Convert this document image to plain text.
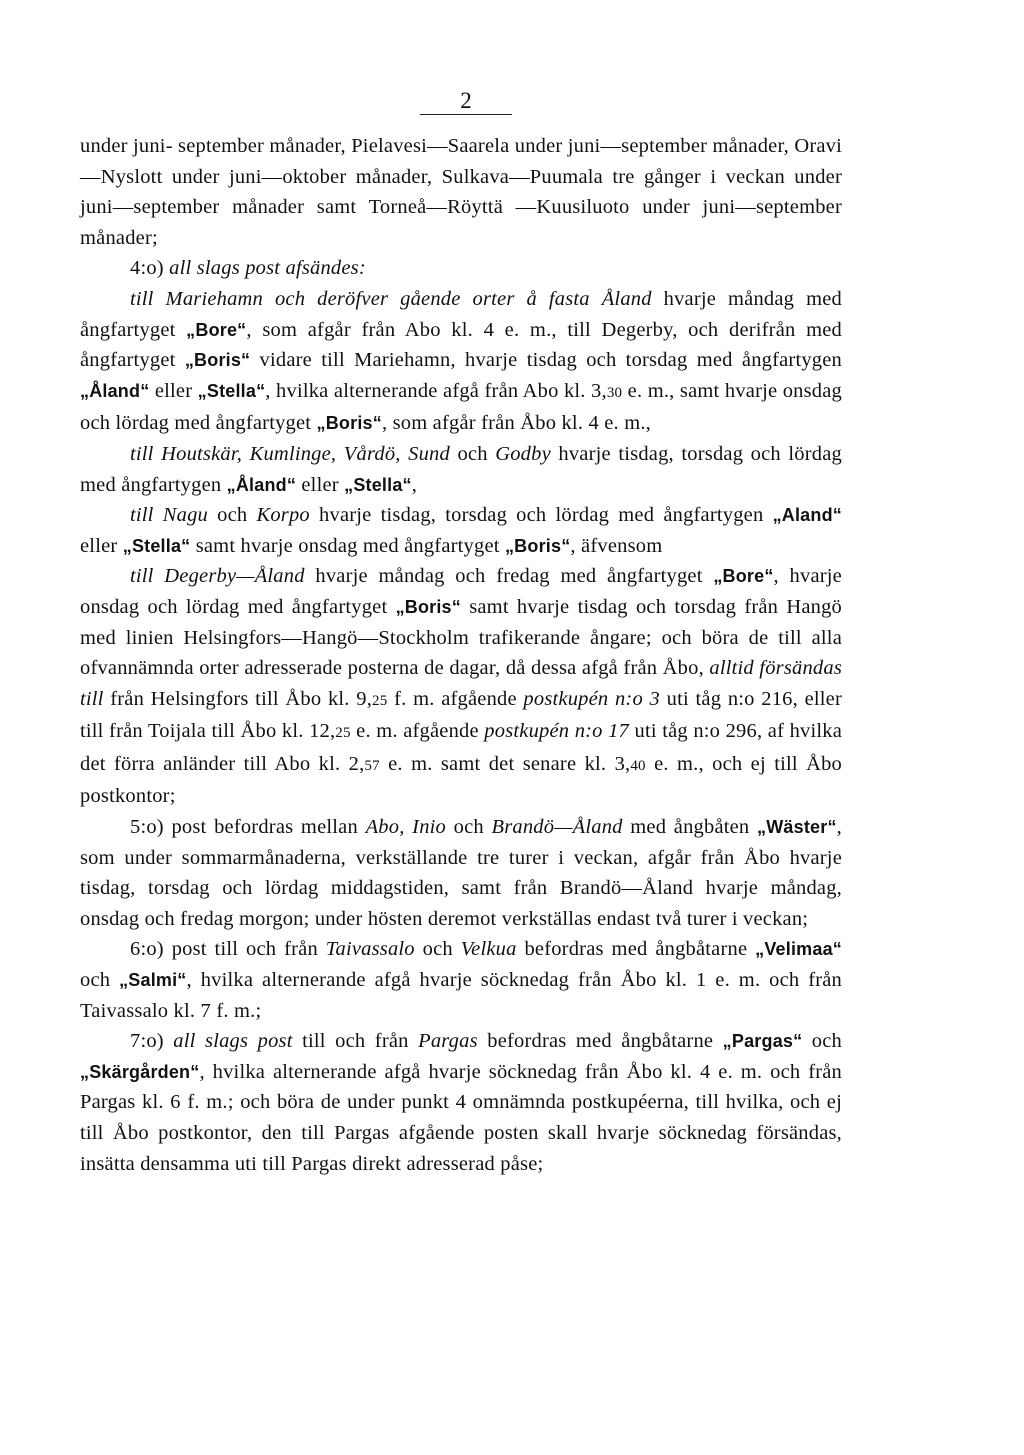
2

under juni- september månader, Pielavesi—Saarela under juni—september månader, Oravi—Nyslott under juni—oktober månader, Sulkava—Puumala tre gånger i veckan under juni—september månader samt Torneå—Röyttä —Kuusiluoto under juni—september månader;

4:o) all slags post afsändes:

till Mariehamn och deröfver gående orter å fasta Åland hvarje måndag med ångfartyget „Bore“, som afgår från Abo kl. 4 e. m., till Degerby, och derifrån med ångfartyget „Boris“ vidare till Mariehamn, hvarje tisdag och torsdag med ångfartygen „Åland“ eller „Stella“, hvilka alternerande afgå från Abo kl. 3,30 e. m., samt hvarje onsdag och lördag med ångfartyget „Boris“, som afgår från Åbo kl. 4 e. m.,

till Houtskär, Kumlinge, Vårdö, Sund och Godby hvarje tisdag, torsdag och lördag med ångfartygen „Åland“ eller „Stella“,

till Nagu och Korpo hvarje tisdag, torsdag och lördag med ångfartygen „Aland“ eller „Stella“ samt hvarje onsdag med ångfartyget „Boris“, äfvensom

till Degerby—Åland hvarje måndag och fredag med ångfartyget „Bore“, hvarje onsdag och lördag med ångfartyget „Boris“ samt hvarje tisdag och torsdag från Hangö med linien Helsingfors—Hangö—Stockholm trafikerande ångare; och böra de till alla ofvannämnda orter adresserade posterna de dagar, då dessa afgå från Åbo, alltid försändas till från Helsingfors till Åbo kl. 9,25 f. m. afgående postkupén n:o 3 uti tåg n:o 216, eller till från Toijala till Åbo kl. 12,25 e. m. afgående postkupén n:o 17 uti tåg n:o 296, af hvilka det förra anländer till Abo kl. 2,57 e. m. samt det senare kl. 3,40 e. m., och ej till Åbo postkontor;

5:o) post befordras mellan Abo, Inio och Brandö—Åland med ångbåten „Wäster“, som under sommarmånaderna, verkställande tre turer i veckan, afgår från Åbo hvarje tisdag, torsdag och lördag middagstiden, samt från Brandö—Åland hvarje måndag, onsdag och fredag morgon; under hösten deremot verkställas endast två turer i veckan;

6:o) post till och från Taivassalo och Velkua befordras med ångbåtarne „Velimaa“ och „Salmi“, hvilka alternerande afgå hvarje söcknedag från Åbo kl. 1 e. m. och från Taivassalo kl. 7 f. m.;

7:o) all slags post till och från Pargas befordras med ångbåtarne „Pargas“ och „Skärgården“, hvilka alternerande afgå hvarje söcknedag från Åbo kl. 4 e. m. och från Pargas kl. 6 f. m.; och böra de under punkt 4 omnämnda postkupéerna, till hvilka, och ej till Åbo postkontor, den till Pargas afgående posten skall hvarje söcknedag försändas, insätta densamma uti till Pargas direkt adresserad påse;
